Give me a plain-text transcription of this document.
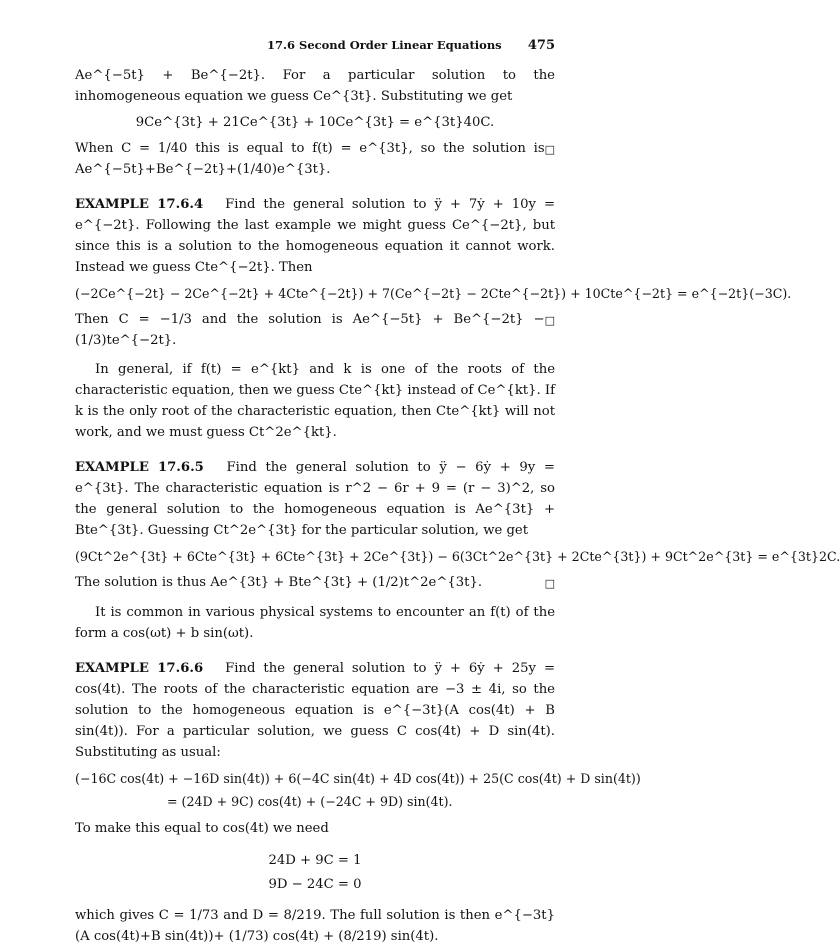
17.6 Second Order Linear Equations 475

Ae^{−5t} + Be^{−2t}. For a particular solution to the inhomogeneous equation we guess Ce^{3t}. Substituting we get

9Ce^{3t} + 21Ce^{3t} + 10Ce^{3t} = e^{3t}40C.

□
When C = 1/40 this is equal to f(t) = e^{3t}, so the solution is Ae^{−5t}+Be^{−2t}+(1/40)e^{3t}.

EXAMPLE 17.6.4 Find the general solution to ÿ + 7ẏ + 10y = e^{−2t}. Following the last example we might guess Ce^{−2t}, but since this is a solution to the homogeneous equation it cannot work. Instead we guess Cte^{−2t}. Then

(−2Ce^{−2t} − 2Ce^{−2t} + 4Cte^{−2t}) + 7(Ce^{−2t} − 2Cte^{−2t}) + 10Cte^{−2t} = e^{−2t}(−3C).

□
Then C = −1/3 and the solution is Ae^{−5t} + Be^{−2t} − (1/3)te^{−2t}.

In general, if f(t) = e^{kt} and k is one of the roots of the characteristic equation, then we guess Cte^{kt} instead of Ce^{kt}. If k is the only root of the characteristic equation, then Cte^{kt} will not work, and we must guess Ct^2e^{kt}.

EXAMPLE 17.6.5 Find the general solution to ÿ − 6ẏ + 9y = e^{3t}. The characteristic equation is r^2 − 6r + 9 = (r − 3)^2, so the general solution to the homogeneous equation is Ae^{3t} + Bte^{3t}. Guessing Ct^2e^{3t} for the particular solution, we get

(9Ct^2e^{3t} + 6Cte^{3t} + 6Cte^{3t} + 2Ce^{3t}) − 6(3Ct^2e^{3t} + 2Cte^{3t}) + 9Ct^2e^{3t} = e^{3t}2C.

□
The solution is thus Ae^{3t} + Bte^{3t} + (1/2)t^2e^{3t}.

It is common in various physical systems to encounter an f(t) of the form a cos(ωt) + b sin(ωt).

EXAMPLE 17.6.6 Find the general solution to ÿ + 6ẏ + 25y = cos(4t). The roots of the characteristic equation are −3 ± 4i, so the solution to the homogeneous equation is e^{−3t}(A cos(4t) + B sin(4t)). For a particular solution, we guess C cos(4t) + D sin(4t). Substituting as usual:

(−16C cos(4t) + −16D sin(4t)) + 6(−4C sin(4t) + 4D cos(4t)) + 25(C cos(4t) + D sin(4t))
= (24D + 9C) cos(4t) + (−24C + 9D) sin(4t).

To make this equal to cos(4t) we need

24D + 9C = 1
9D − 24C = 0

which gives C = 1/73 and D = 8/219. The full solution is then e^{−3t}(A cos(4t)+B sin(4t))+ (1/73) cos(4t) + (8/219) sin(4t).
